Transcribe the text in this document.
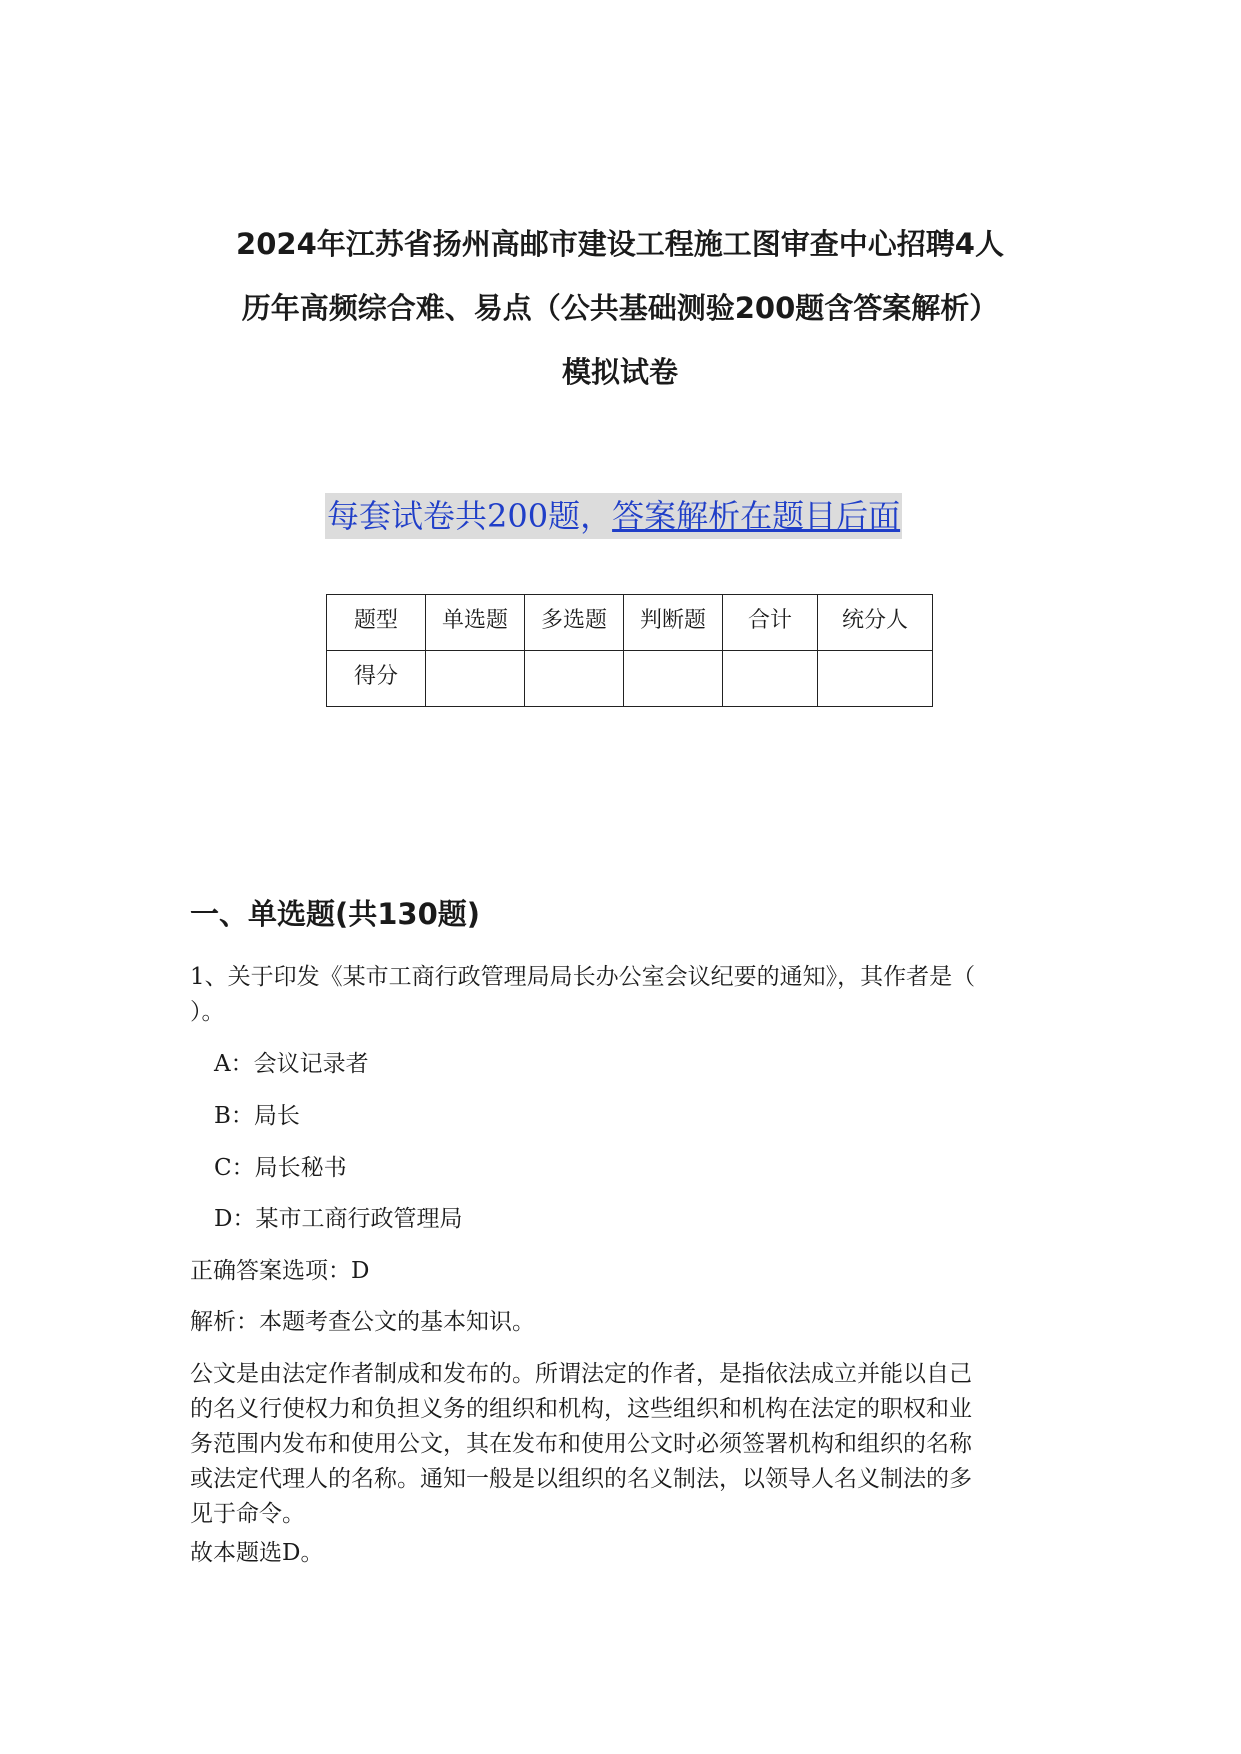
2024年江苏省扬州高邮市建设工程施工图审查中心招聘4人
历年高频综合难、易点（公共基础测验200题含答案解析）
模拟试卷
每套试卷共200题，答案解析在题目后面
题型	单选题	多选题	判断题	合计	统分人
得分					
一、单选题(共130题)
1、关于印发《某市工商行政管理局局长办公室会议纪要的通知》，其作者是（
）。
A：会议记录者
B：局长
C：局长秘书
D：某市工商行政管理局
正确答案选项：D
解析：本题考查公文的基本知识。
公文是由法定作者制成和发布的。所谓法定的作者，是指依法成立并能以自己
的名义行使权力和负担义务的组织和机构，这些组织和机构在法定的职权和业
务范围内发布和使用公文，其在发布和使用公文时必须签署机构和组织的名称
或法定代理人的名称。通知一般是以组织的名义制法，以领导人名义制法的多
见于命令。
故本题选D。
